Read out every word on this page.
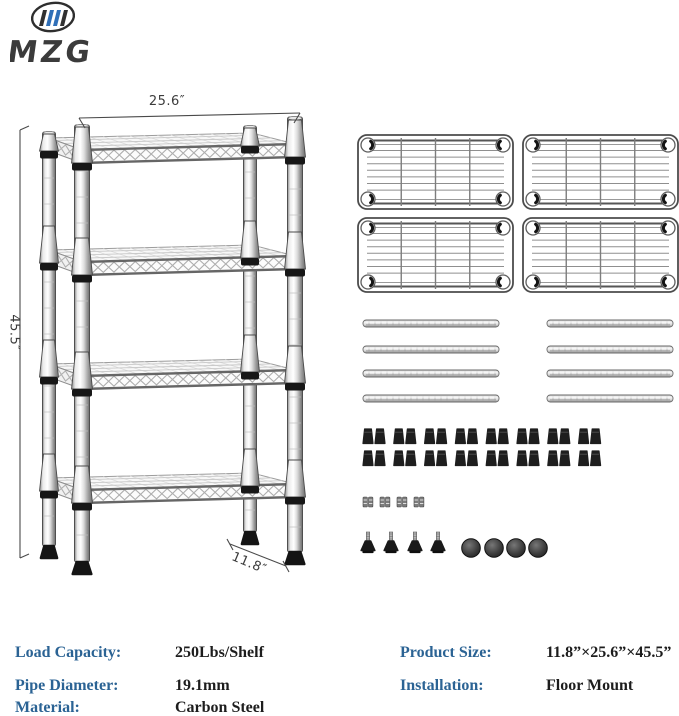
MZG
25.6″
45.5″
11.8″
Load Capacity:	250Lbs/Shelf
Pipe Diameter:	19.1mm
Material:	Carbon Steel
Product Size:	11.8”×25.6”×45.5”
Installation:	Floor Mount
